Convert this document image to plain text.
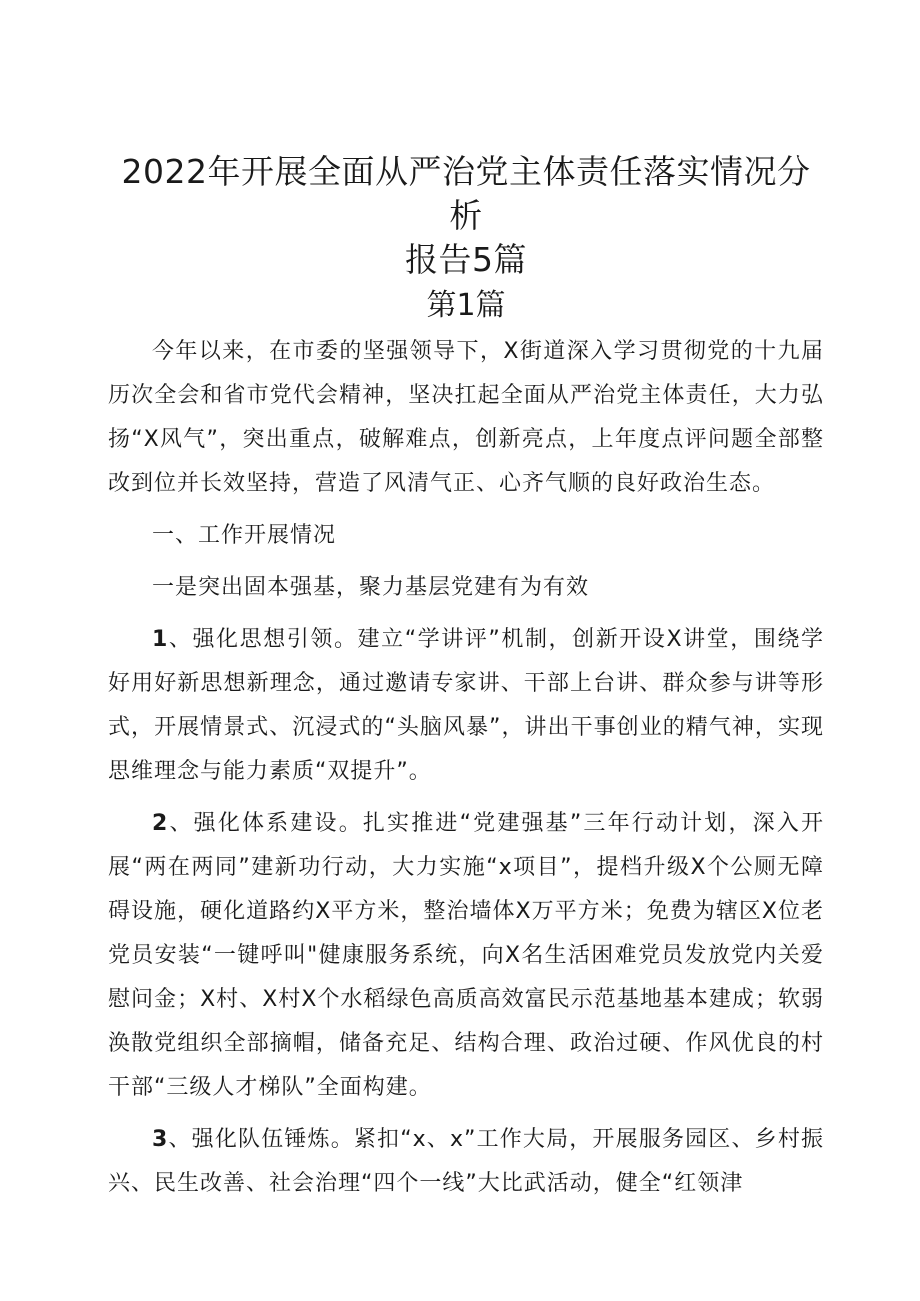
2022年开展全面从严治党主体责任落实情况分析
报告5篇
第1篇

今年以来，在市委的坚强领导下，X街道深入学习贯彻党的十九届历次全会和省市党代会精神，坚决扛起全面从严治党主体责任，大力弘扬“X风气”，突出重点，破解难点，创新亮点，上年度点评问题全部整改到位并长效坚持，营造了风清气正、心齐气顺的良好政治生态。

一、工作开展情况

一是突出固本强基，聚力基层党建有为有效

1、强化思想引领。建立“学讲评”机制，创新开设X讲堂，围绕学好用好新思想新理念，通过邀请专家讲、干部上台讲、群众参与讲等形式，开展情景式、沉浸式的“头脑风暴”，讲出干事创业的精气神，实现思维理念与能力素质“双提升”。

2、强化体系建设。扎实推进“党建强基”三年行动计划，深入开展“两在两同”建新功行动，大力实施“x项目”，提档升级X个公厕无障碍设施，硬化道路约X平方米，整治墙体X万平方米；免费为辖区X位老党员安装“一键呼叫"健康服务系统，向X名生活困难党员发放党内关爱慰问金；X村、X村X个水稻绿色高质高效富民示范基地基本建成；软弱涣散党组织全部摘帽，储备充足、结构合理、政治过硬、作风优良的村干部“三级人才梯队”全面构建。

3、强化队伍锤炼。紧扣“x、x”工作大局，开展服务园区、乡村振兴、民生改善、社会治理“四个一线”大比武活动，健全“红领津
